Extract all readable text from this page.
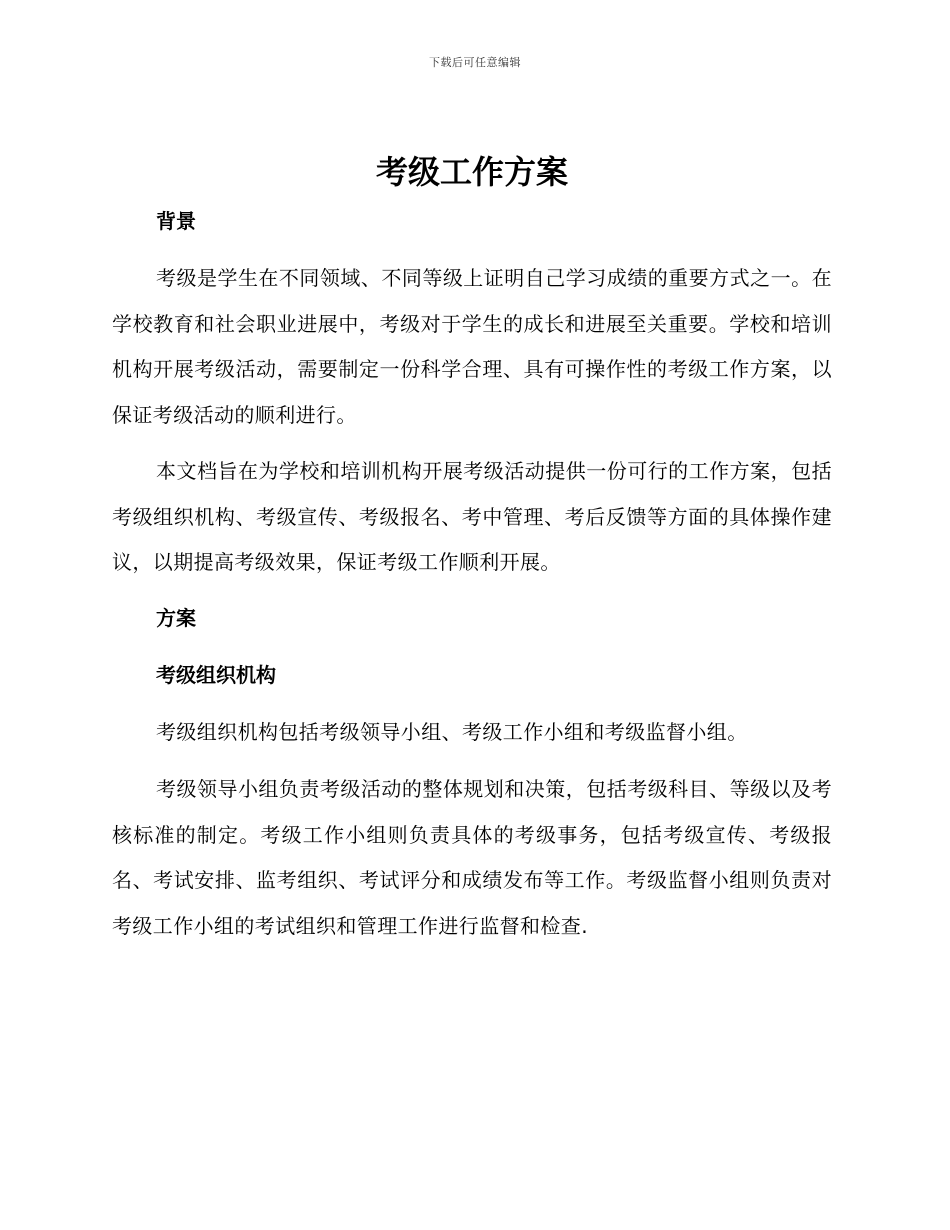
下载后可任意编辑
考级工作方案
背景

考级是学生在不同领域、不同等级上证明自己学习成绩的重要方式之一。在学校教育和社会职业进展中，考级对于学生的成长和进展至关重要。学校和培训机构开展考级活动，需要制定一份科学合理、具有可操作性的考级工作方案，以保证考级活动的顺利进行。

本文档旨在为学校和培训机构开展考级活动提供一份可行的工作方案，包括考级组织机构、考级宣传、考级报名、考中管理、考后反馈等方面的具体操作建议，以期提高考级效果，保证考级工作顺利开展。

方案
考级组织机构

考级组织机构包括考级领导小组、考级工作小组和考级监督小组。

考级领导小组负责考级活动的整体规划和决策，包括考级科目、等级以及考核标准的制定。考级工作小组则负责具体的考级事务，包括考级宣传、考级报名、考试安排、监考组织、考试评分和成绩发布等工作。考级监督小组则负责对考级工作小组的考试组织和管理工作进行监督和检查.
